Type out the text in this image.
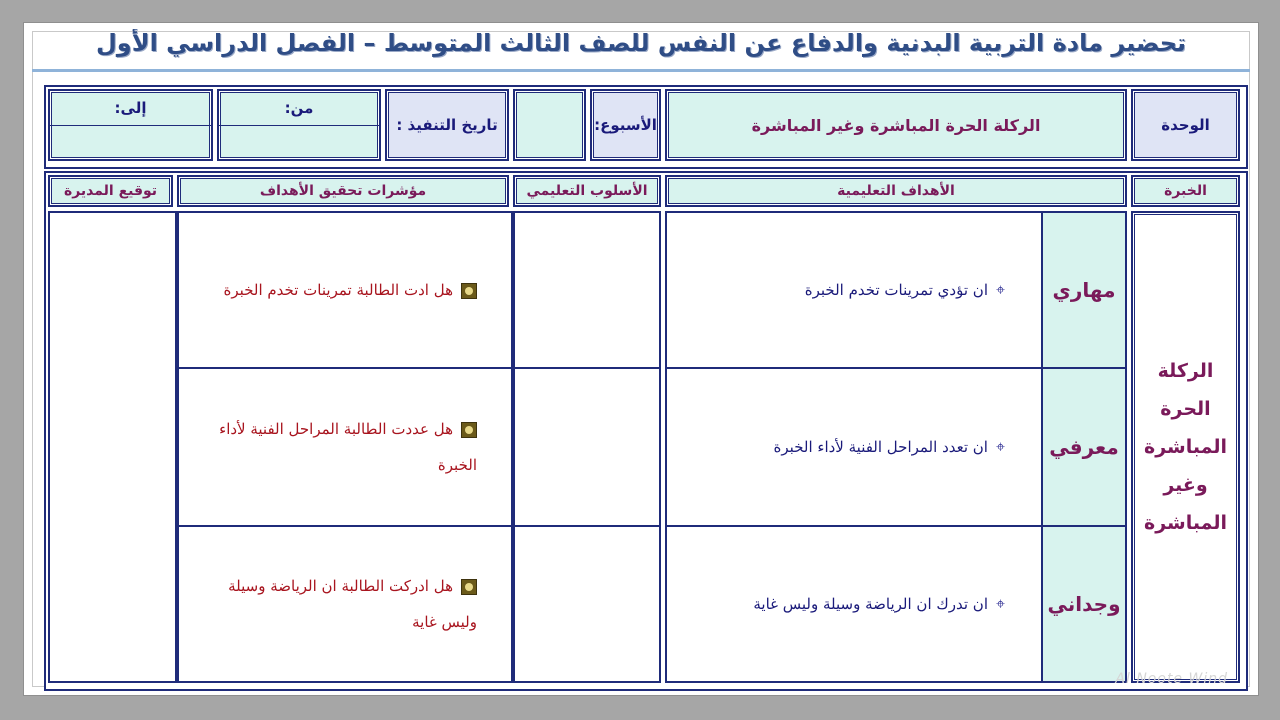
تحضير مادة التربية البدنية والدفاع عن النفس للصف الثالث المتوسط – الفصل الدراسي الأول
الوحدة
الركلة الحرة المباشرة وغير المباشرة
الأسبوع:
تاريخ التنفيذ :
من:
إلى:
الخبرة
الأهداف التعليمية
الأسلوب التعليمي
مؤشرات تحقيق الأهداف
توقيع المديرة
الركلة الحرة
المباشرة
وغير
المباشرة
مهاري
معرفي
وجداني
⌖
ان تؤدي تمرينات تخدم الخبرة
⌖
ان تعدد المراحل الفنية لأداء الخبرة
⌖
ان تدرك ان الرياضة وسيلة وليس غاية
هل ادت الطالبة تمرينات تخدم الخبرة
هل عددت الطالبة المراحل الفنية لأداء الخبرة
هل ادركت الطالبة ان الرياضة وسيلة وليس غاية
Al Noote Wind
